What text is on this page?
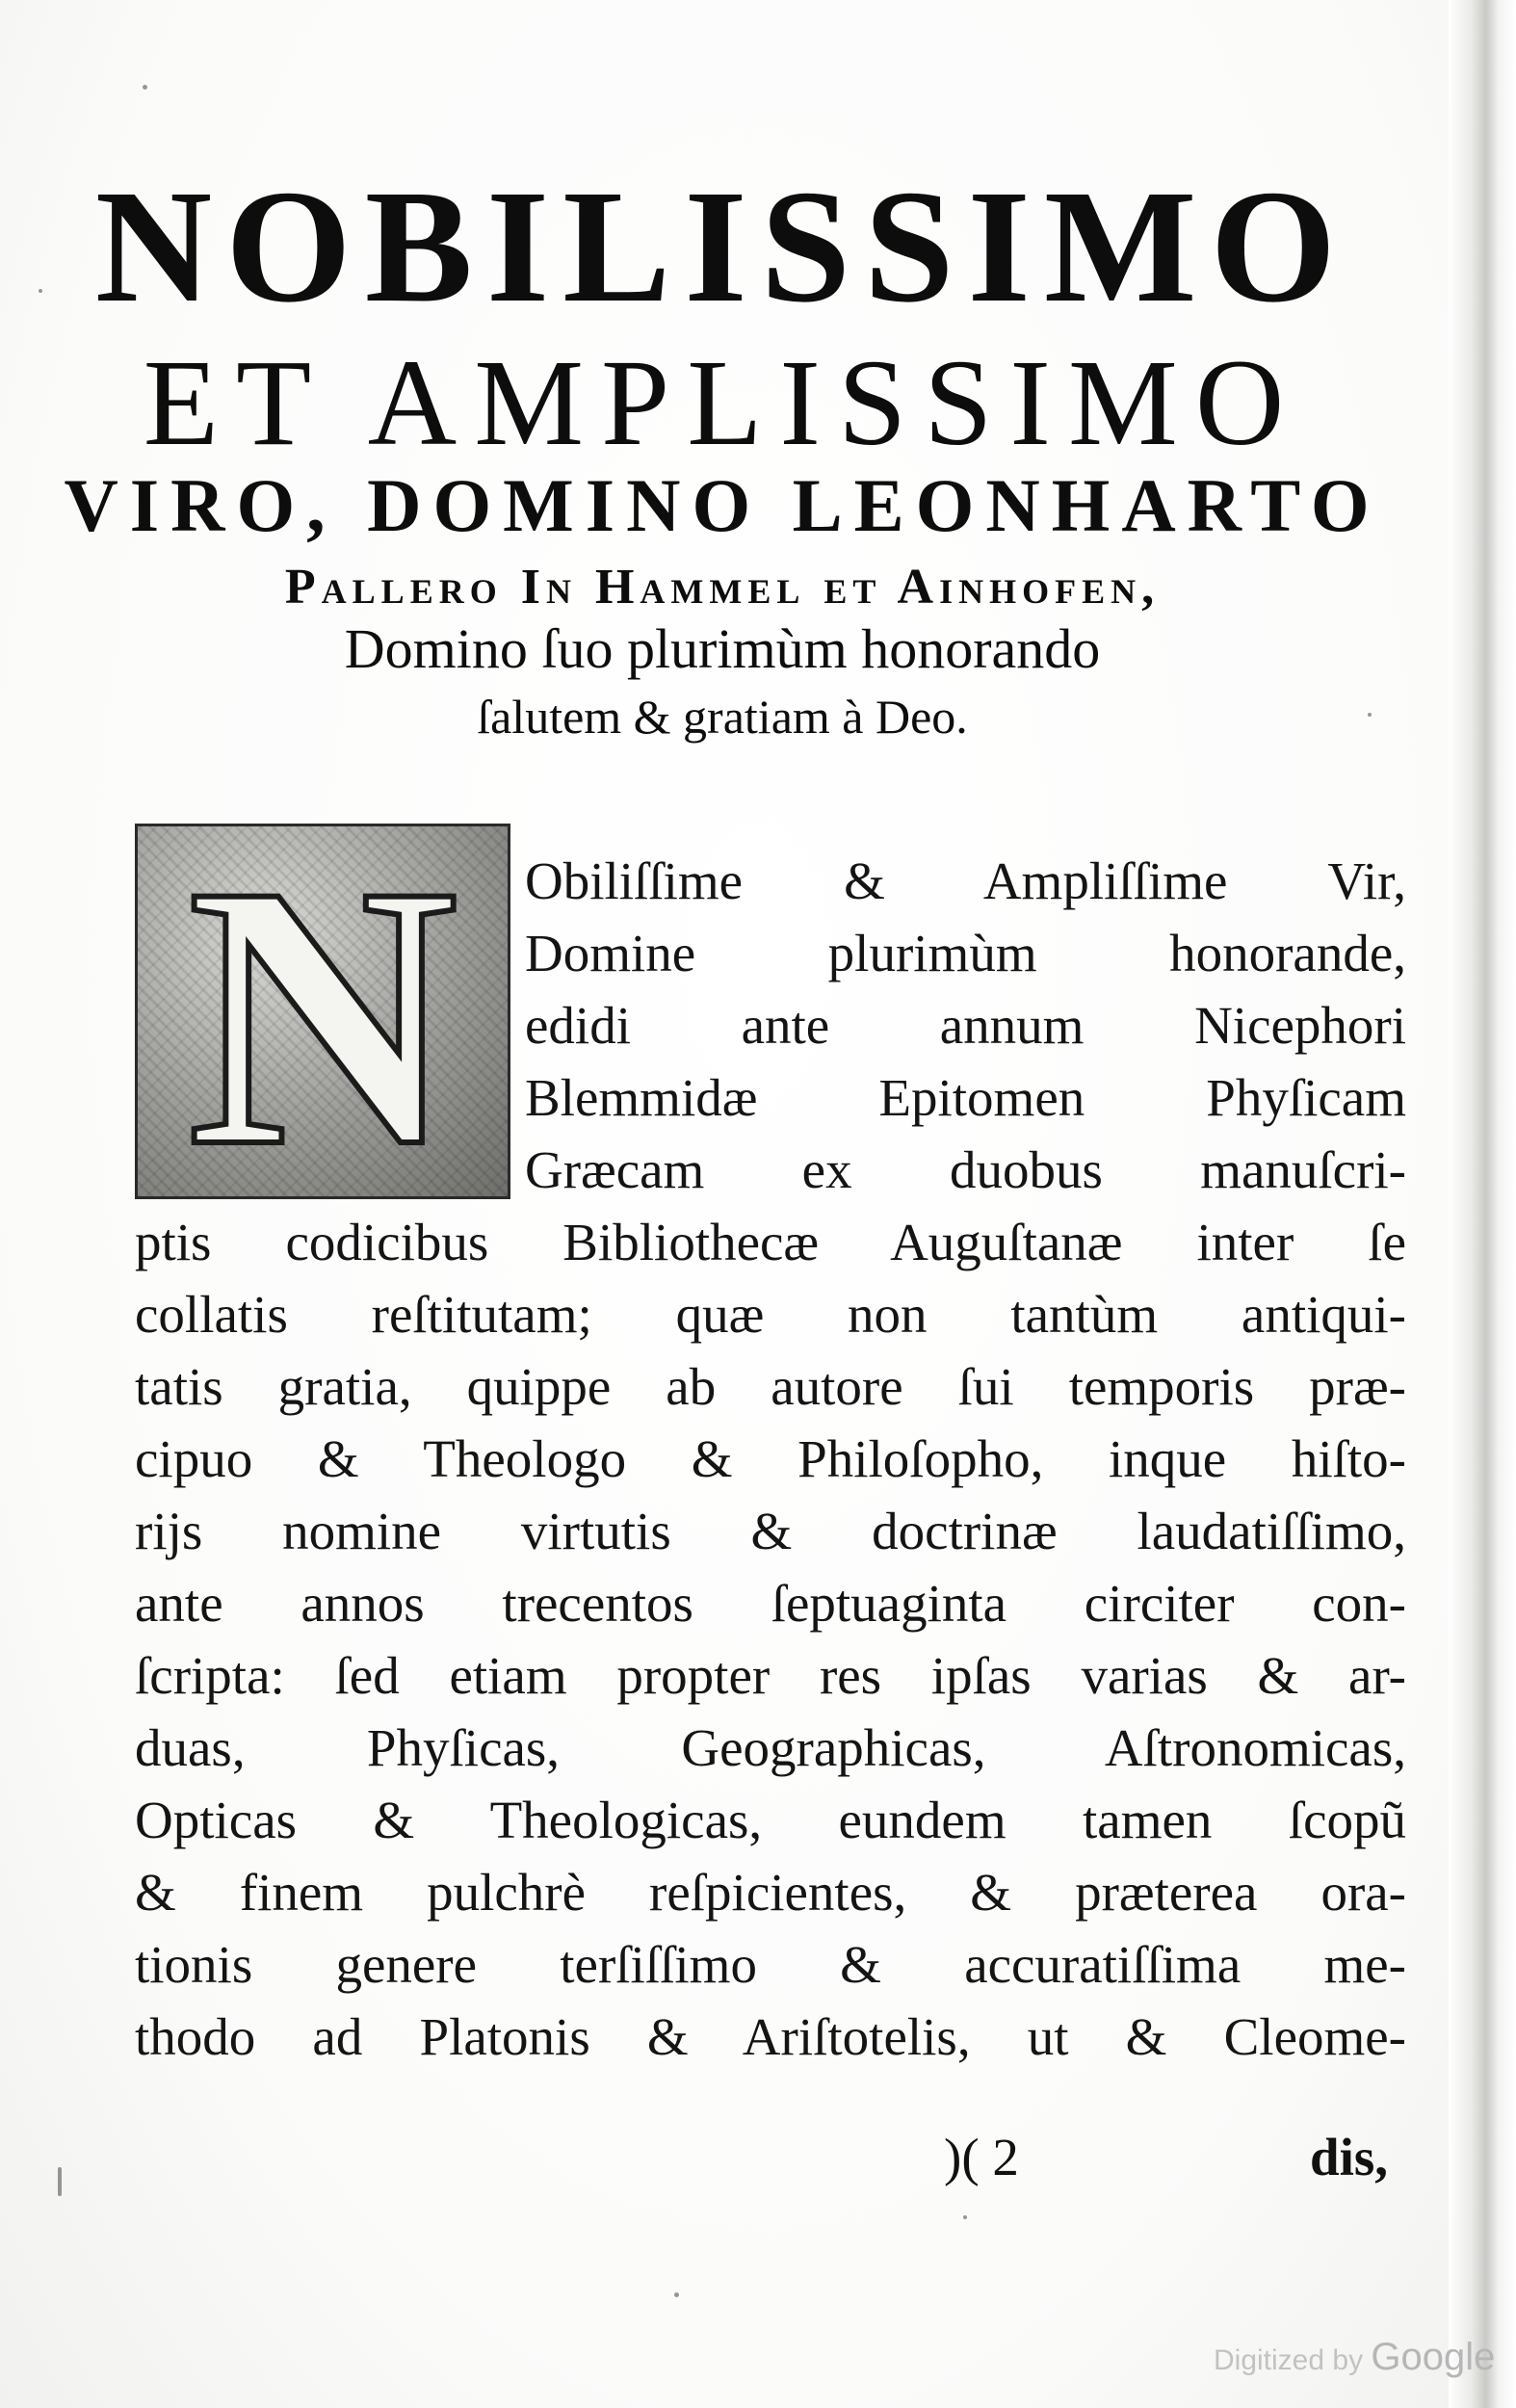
NOBILISSIMO
ET AMPLISSIMO
VIRO, DOMINO LEONHARTO

Pallero In Hammel et Ainhofen,

Domino ſuo plurimùm honorando

ſalutem & gratiam à Deo.

N Obiliſſime & Ampliſſime Vir,

Domine plurimùm honorande,

edidi ante annum Nicephori

Blemmidæ Epitomen Phyſicam

Græcam ex duobus manuſcri-

ptis codicibus Bibliothecæ Auguſtanæ inter ſe

collatis reſtitutam; quæ non tantùm antiqui-

tatis gratia, quippe ab autore ſui temporis præ-

cipuo & Theologo & Philoſopho, inque hiſto-

rijs nomine virtutis & doctrinæ laudatiſſimo,

ante annos trecentos ſeptuaginta circiter con-

ſcripta: ſed etiam propter res ipſas varias & ar-

duas, Phyſicas, Geographicas, Aſtronomicas,

Opticas & Theologicas, eundem tamen ſcopũ

& finem pulchrè reſpicientes, & præterea ora-

tionis genere terſiſſimo & accuratiſſima me-

thodo ad Platonis & Ariſtotelis, ut & Cleome-

)( 2	dis,

Digitized by Google
